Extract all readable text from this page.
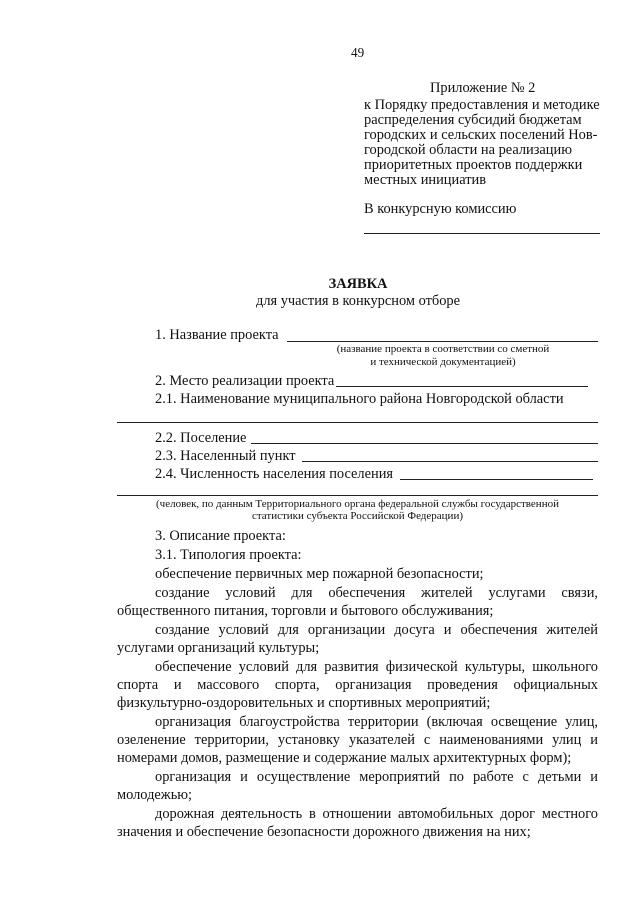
49
Приложение № 2
к Порядку предоставления и методике
распределения субсидий бюджетам
городских и сельских поселений Нов-
городской области на реализацию
приоритетных проектов поддержки
местных инициатив
В конкурсную комиссию
ЗАЯВКА
для участия в конкурсном отборе
1. Название проекта
(название проекта в соответствии со сметной
и технической документацией)
2. Место реализации проекта
2.1. Наименование муниципального района Новгородской области
2.2. Поселение
2.3. Населенный пункт
2.4. Численность населения поселения
(человек, по данным Территориального органа федеральной службы государственной
статистики субъекта Российской Федерации)
3. Описание проекта:
3.1. Типология проекта:
обеспечение первичных мер пожарной безопасности;
создание условий для обеспечения жителей услугами связи,
общественного питания, торговли и бытового обслуживания;
создание условий для организации досуга и обеспечения жителей
услугами организаций культуры;
обеспечение условий для развития физической культуры, школьного
спорта и массового спорта, организация проведения официальных
физкультурно-оздоровительных и спортивных мероприятий;
организация благоустройства территории (включая освещение улиц,
озеленение территории, установку указателей с наименованиями улиц и
номерами домов, размещение и содержание малых архитектурных форм);
организация и осуществление мероприятий по работе с детьми и
молодежью;
дорожная деятельность в отношении автомобильных дорог местного
значения и обеспечение безопасности дорожного движения на них;
